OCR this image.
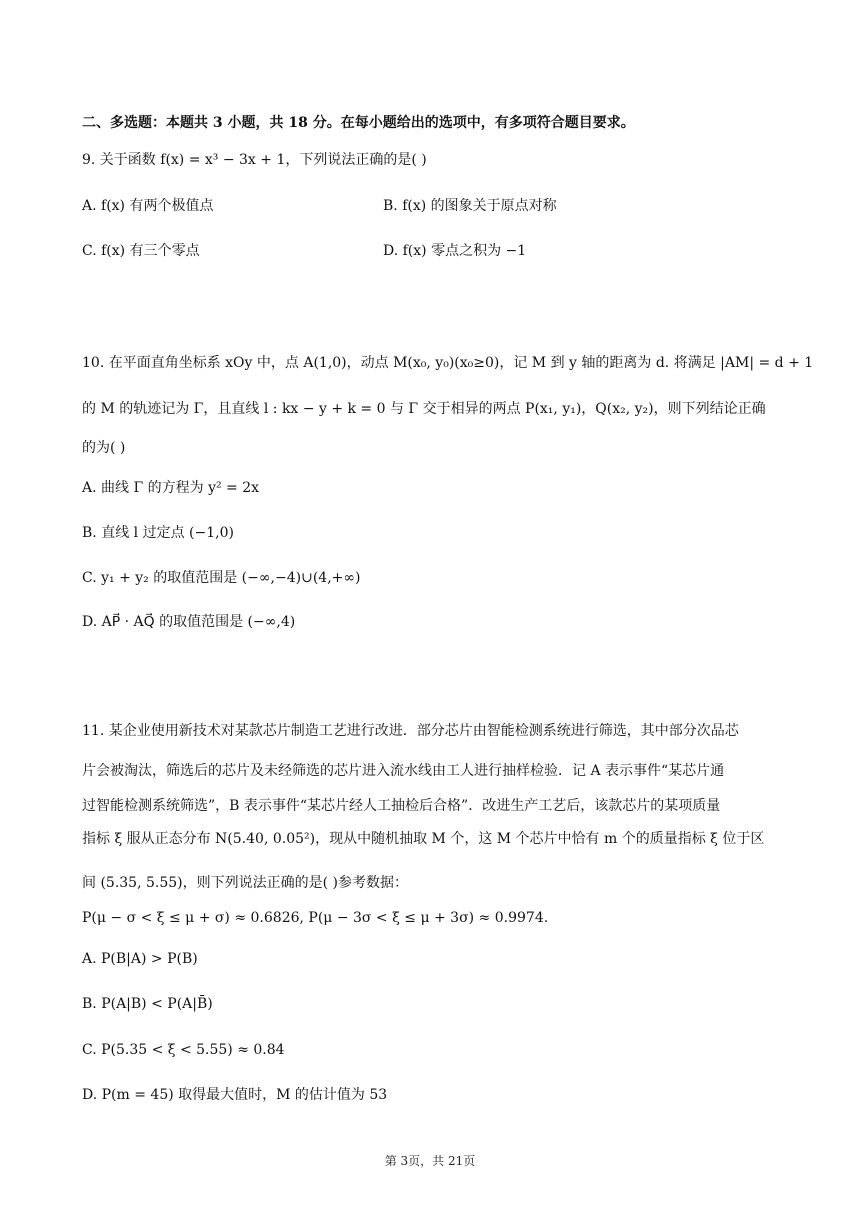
二、多选题：本题共 3 小题，共 18 分。在每小题给出的选项中，有多项符合题目要求。
9. 关于函数 f(x) = x³ − 3x + 1，下列说法正确的是( )
A. f(x) 有两个极值点	B. f(x) 的图象关于原点对称
C. f(x) 有三个零点	D. f(x) 零点之积为 −1
10. 在平面直角坐标系 xOy 中，点 A(1,0)，动点 M(x₀, y₀)(x₀≥0)，记 M 到 y 轴的距离为 d. 将满足 |AM| = d + 1
的 M 的轨迹记为 Γ，且直线 l : kx − y + k = 0 与 Γ 交于相异的两点 P(x₁, y₁)，Q(x₂, y₂)，则下列结论正确
的为( )
A. 曲线 Γ 的方程为 y² = 2x
B. 直线 l 过定点 (−1,0)
C. y₁ + y₂ 的取值范围是 (−∞,−4)∪(4,+∞)
D. AP⃗ · AQ⃗ 的取值范围是 (−∞,4)
11. 某企业使用新技术对某款芯片制造工艺进行改进．部分芯片由智能检测系统进行筛选，其中部分次品芯
片会被淘汰，筛选后的芯片及未经筛选的芯片进入流水线由工人进行抽样检验．记 A 表示事件“某芯片通
过智能检测系统筛选”，B 表示事件“某芯片经人工抽检后合格”．改进生产工艺后，该款芯片的某项质量
指标 ξ 服从正态分布 N(5.40, 0.05²)，现从中随机抽取 M 个，这 M 个芯片中恰有 m 个的质量指标 ξ 位于区
间 (5.35, 5.55)，则下列说法正确的是( )参考数据：
P(μ − σ < ξ ≤ μ + σ) ≈ 0.6826, P(μ − 3σ < ξ ≤ μ + 3σ) ≈ 0.9974.
A. P(B|A) > P(B)
B. P(A|B) < P(A|B̄)
C. P(5.35 < ξ < 5.55) ≈ 0.84
D. P(m = 45) 取得最大值时，M 的估计值为 53
第 3页，共 21页
